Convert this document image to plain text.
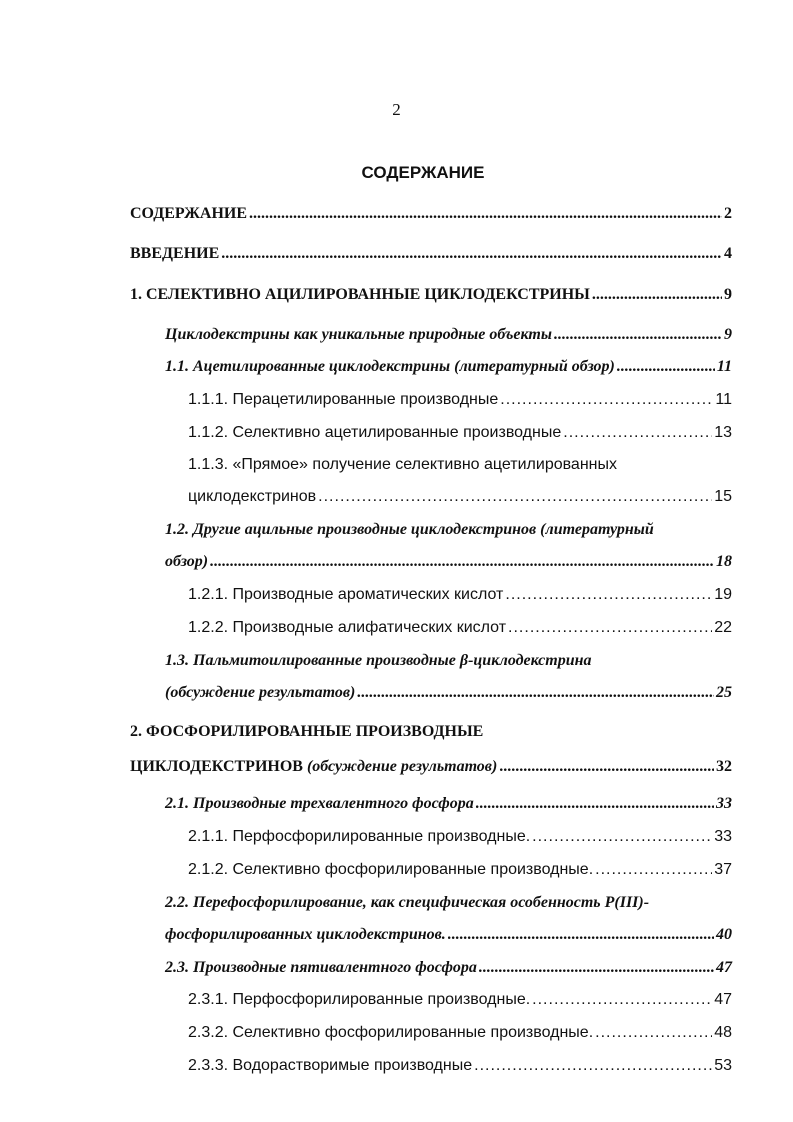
2
СОДЕРЖАНИЕ
СОДЕРЖАНИЕ .....	2
ВВЕДЕНИЕ .....	4
1. СЕЛЕКТИВНО АЦИЛИРОВАННЫЕ ЦИКЛОДЕКСТРИНЫ .....	9
Циклодекстрины как уникальные природные объекты .....	9
1.1. Ацетилированные циклодекстрины (литературный обзор) .....	11
1.1.1. Перацетилированные производные .....	11
1.1.2. Селективно ацетилированные производные .....	13
1.1.3. «Прямое» получение селективно ацетилированных
циклодекстринов .....	15
1.2. Другие ацильные производные циклодекстринов (литературный
обзор) .....	18
1.2.1. Производные ароматических кислот .....	19
1.2.2. Производные алифатических кислот .....	22
1.3. Пальмитоилированные производные β-циклодекстрина
(обсуждение результатов) .....	25
2. ФОСФОРИЛИРОВАННЫЕ ПРОИЗВОДНЫЕ
ЦИКЛОДЕКСТРИНОВ
(обсуждение результатов) .....	32
2.1. Производные трехвалентного фосфора .....	33
2.1.1. Перфосфорилированные производные. .....	33
2.1.2. Селективно фосфорилированные производные. .....	37
2.2. Перефосфорилирование, как специфическая особенность Р(III)-
фосфорилированных циклодекстринов. .....	40
2.3. Производные пятивалентного фосфора .....	47
2.3.1. Перфосфорилированные производные. .....	47
2.3.2. Селективно фосфорилированные производные. .....	48
2.3.3. Водорастворимые производные .....	53
